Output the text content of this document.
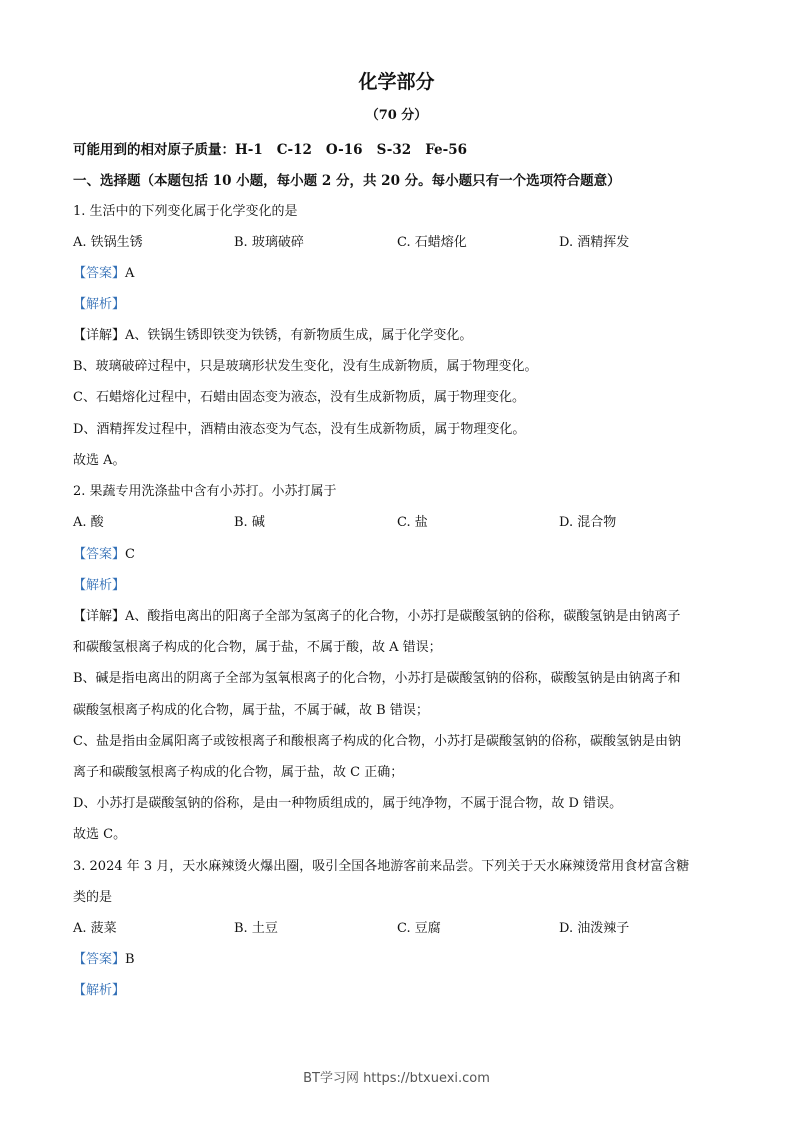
化学部分
（70 分）
可能用到的相对原子质量：H-1 C-12 O-16 S-32 Fe-56
一、选择题（本题包括 10 小题，每小题 2 分，共 20 分。每小题只有一个选项符合题意）
1. 生活中的下列变化属于化学变化的是
A. 铁锅生锈	B. 玻璃破碎	C. 石蜡熔化	D. 酒精挥发
【答案】A
【解析】
【详解】A、铁锅生锈即铁变为铁锈，有新物质生成，属于化学变化。
B、玻璃破碎过程中，只是玻璃形状发生变化，没有生成新物质，属于物理变化。
C、石蜡熔化过程中，石蜡由固态变为液态，没有生成新物质，属于物理变化。
D、酒精挥发过程中，酒精由液态变为气态，没有生成新物质，属于物理变化。
故选 A。
2. 果蔬专用洗涤盐中含有小苏打。小苏打属于
A. 酸	B. 碱	C. 盐	D. 混合物
【答案】C
【解析】
【详解】A、酸指电离出的阳离子全部为氢离子的化合物，小苏打是碳酸氢钠的俗称，碳酸氢钠是由钠离子
和碳酸氢根离子构成的化合物，属于盐，不属于酸，故 A 错误；
B、碱是指电离出的阴离子全部为氢氧根离子的化合物，小苏打是碳酸氢钠的俗称，碳酸氢钠是由钠离子和
碳酸氢根离子构成的化合物，属于盐，不属于碱，故 B 错误；
C、盐是指由金属阳离子或铵根离子和酸根离子构成的化合物，小苏打是碳酸氢钠的俗称，碳酸氢钠是由钠
离子和碳酸氢根离子构成的化合物，属于盐，故 C 正确；
D、小苏打是碳酸氢钠的俗称，是由一种物质组成的，属于纯净物，不属于混合物，故 D 错误。
故选 C。
3. 2024 年 3 月，天水麻辣烫火爆出圈，吸引全国各地游客前来品尝。下列关于天水麻辣烫常用食材富含糖
类的是
A. 菠菜	B. 土豆	C. 豆腐	D. 油泼辣子
【答案】B
【解析】
BT学习网 https://btxuexi.com
